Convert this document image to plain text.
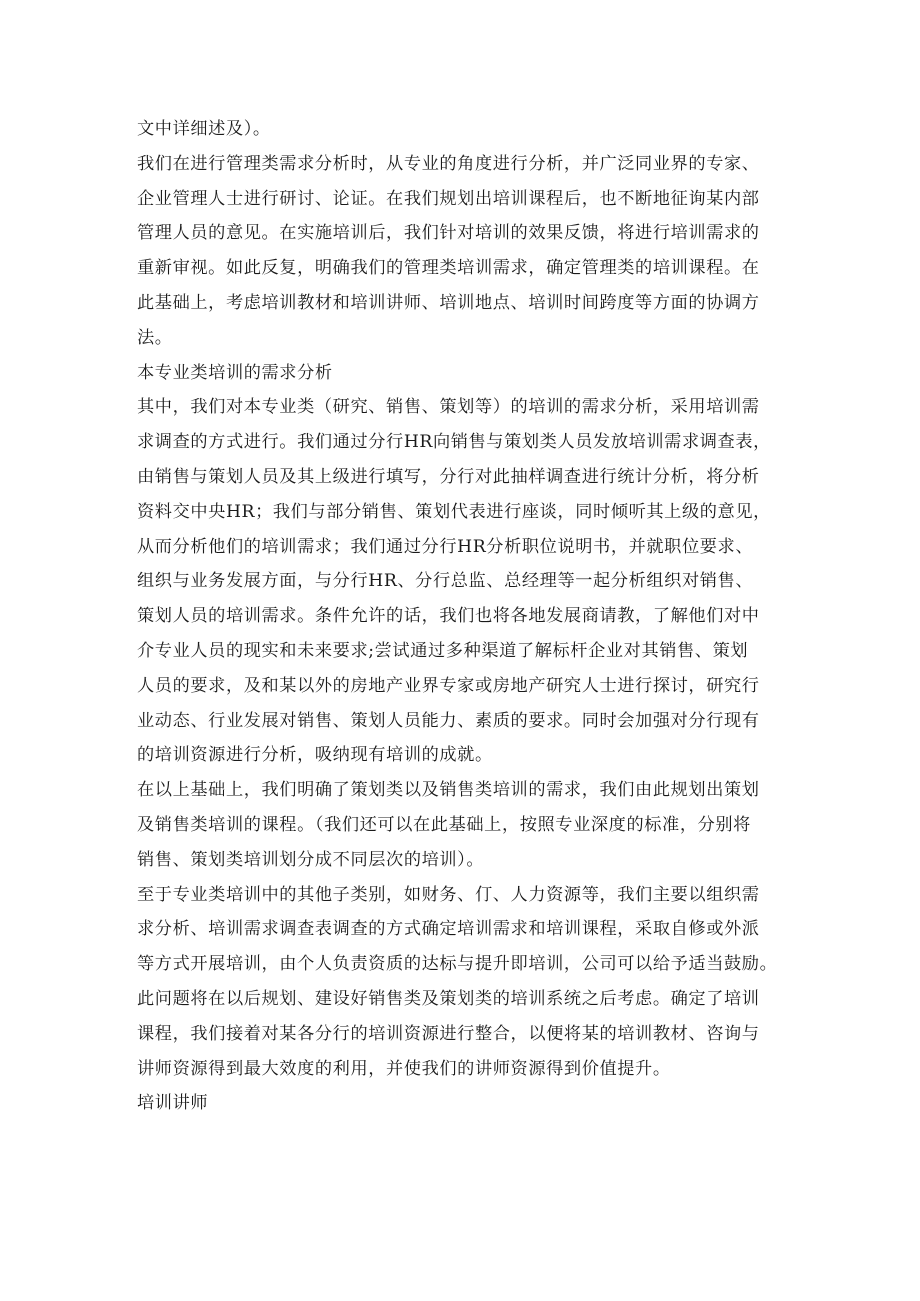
文中详细述及）。
我们在进行管理类需求分析时，从专业的角度进行分析，并广泛同业界的专家、
企业管理人士进行研讨、论证。在我们规划出培训课程后，也不断地征询某内部
管理人员的意见。在实施培训后，我们针对培训的效果反馈，将进行培训需求的
重新审视。如此反复，明确我们的管理类培训需求，确定管理类的培训课程。在
此基础上，考虑培训教材和培训讲师、培训地点、培训时间跨度等方面的协调方
法。
本专业类培训的需求分析
其中，我们对本专业类（研究、销售、策划等）的培训的需求分析，采用培训需
求调查的方式进行。我们通过分行HR向销售与策划类人员发放培训需求调查表，
由销售与策划人员及其上级进行填写，分行对此抽样调查进行统计分析，将分析
资料交中央HR；我们与部分销售、策划代表进行座谈，同时倾听其上级的意见，
从而分析他们的培训需求；我们通过分行HR分析职位说明书，并就职位要求、
组织与业务发展方面，与分行HR、分行总监、总经理等一起分析组织对销售、
策划人员的培训需求。条件允许的话，我们也将各地发展商请教，了解他们对中
介专业人员的现实和未来要求;尝试通过多种渠道了解标杆企业对其销售、策划
人员的要求，及和某以外的房地产业界专家或房地产研究人士进行探讨，研究行
业动态、行业发展对销售、策划人员能力、素质的要求。同时会加强对分行现有
的培训资源进行分析，吸纳现有培训的成就。
在以上基础上，我们明确了策划类以及销售类培训的需求，我们由此规划出策划
及销售类培训的课程。（我们还可以在此基础上，按照专业深度的标准，分别将
销售、策划类培训划分成不同层次的培训）。
至于专业类培训中的其他子类别，如财务、仃、人力资源等，我们主要以组织需
求分析、培训需求调查表调查的方式确定培训需求和培训课程，采取自修或外派
等方式开展培训，由个人负责资质的达标与提升即培训，公司可以给予适当鼓励。
此问题将在以后规划、建设好销售类及策划类的培训系统之后考虑。确定了培训
课程，我们接着对某各分行的培训资源进行整合，以便将某的培训教材、咨询与
讲师资源得到最大效度的利用，并使我们的讲师资源得到价值提升。
培训讲师
